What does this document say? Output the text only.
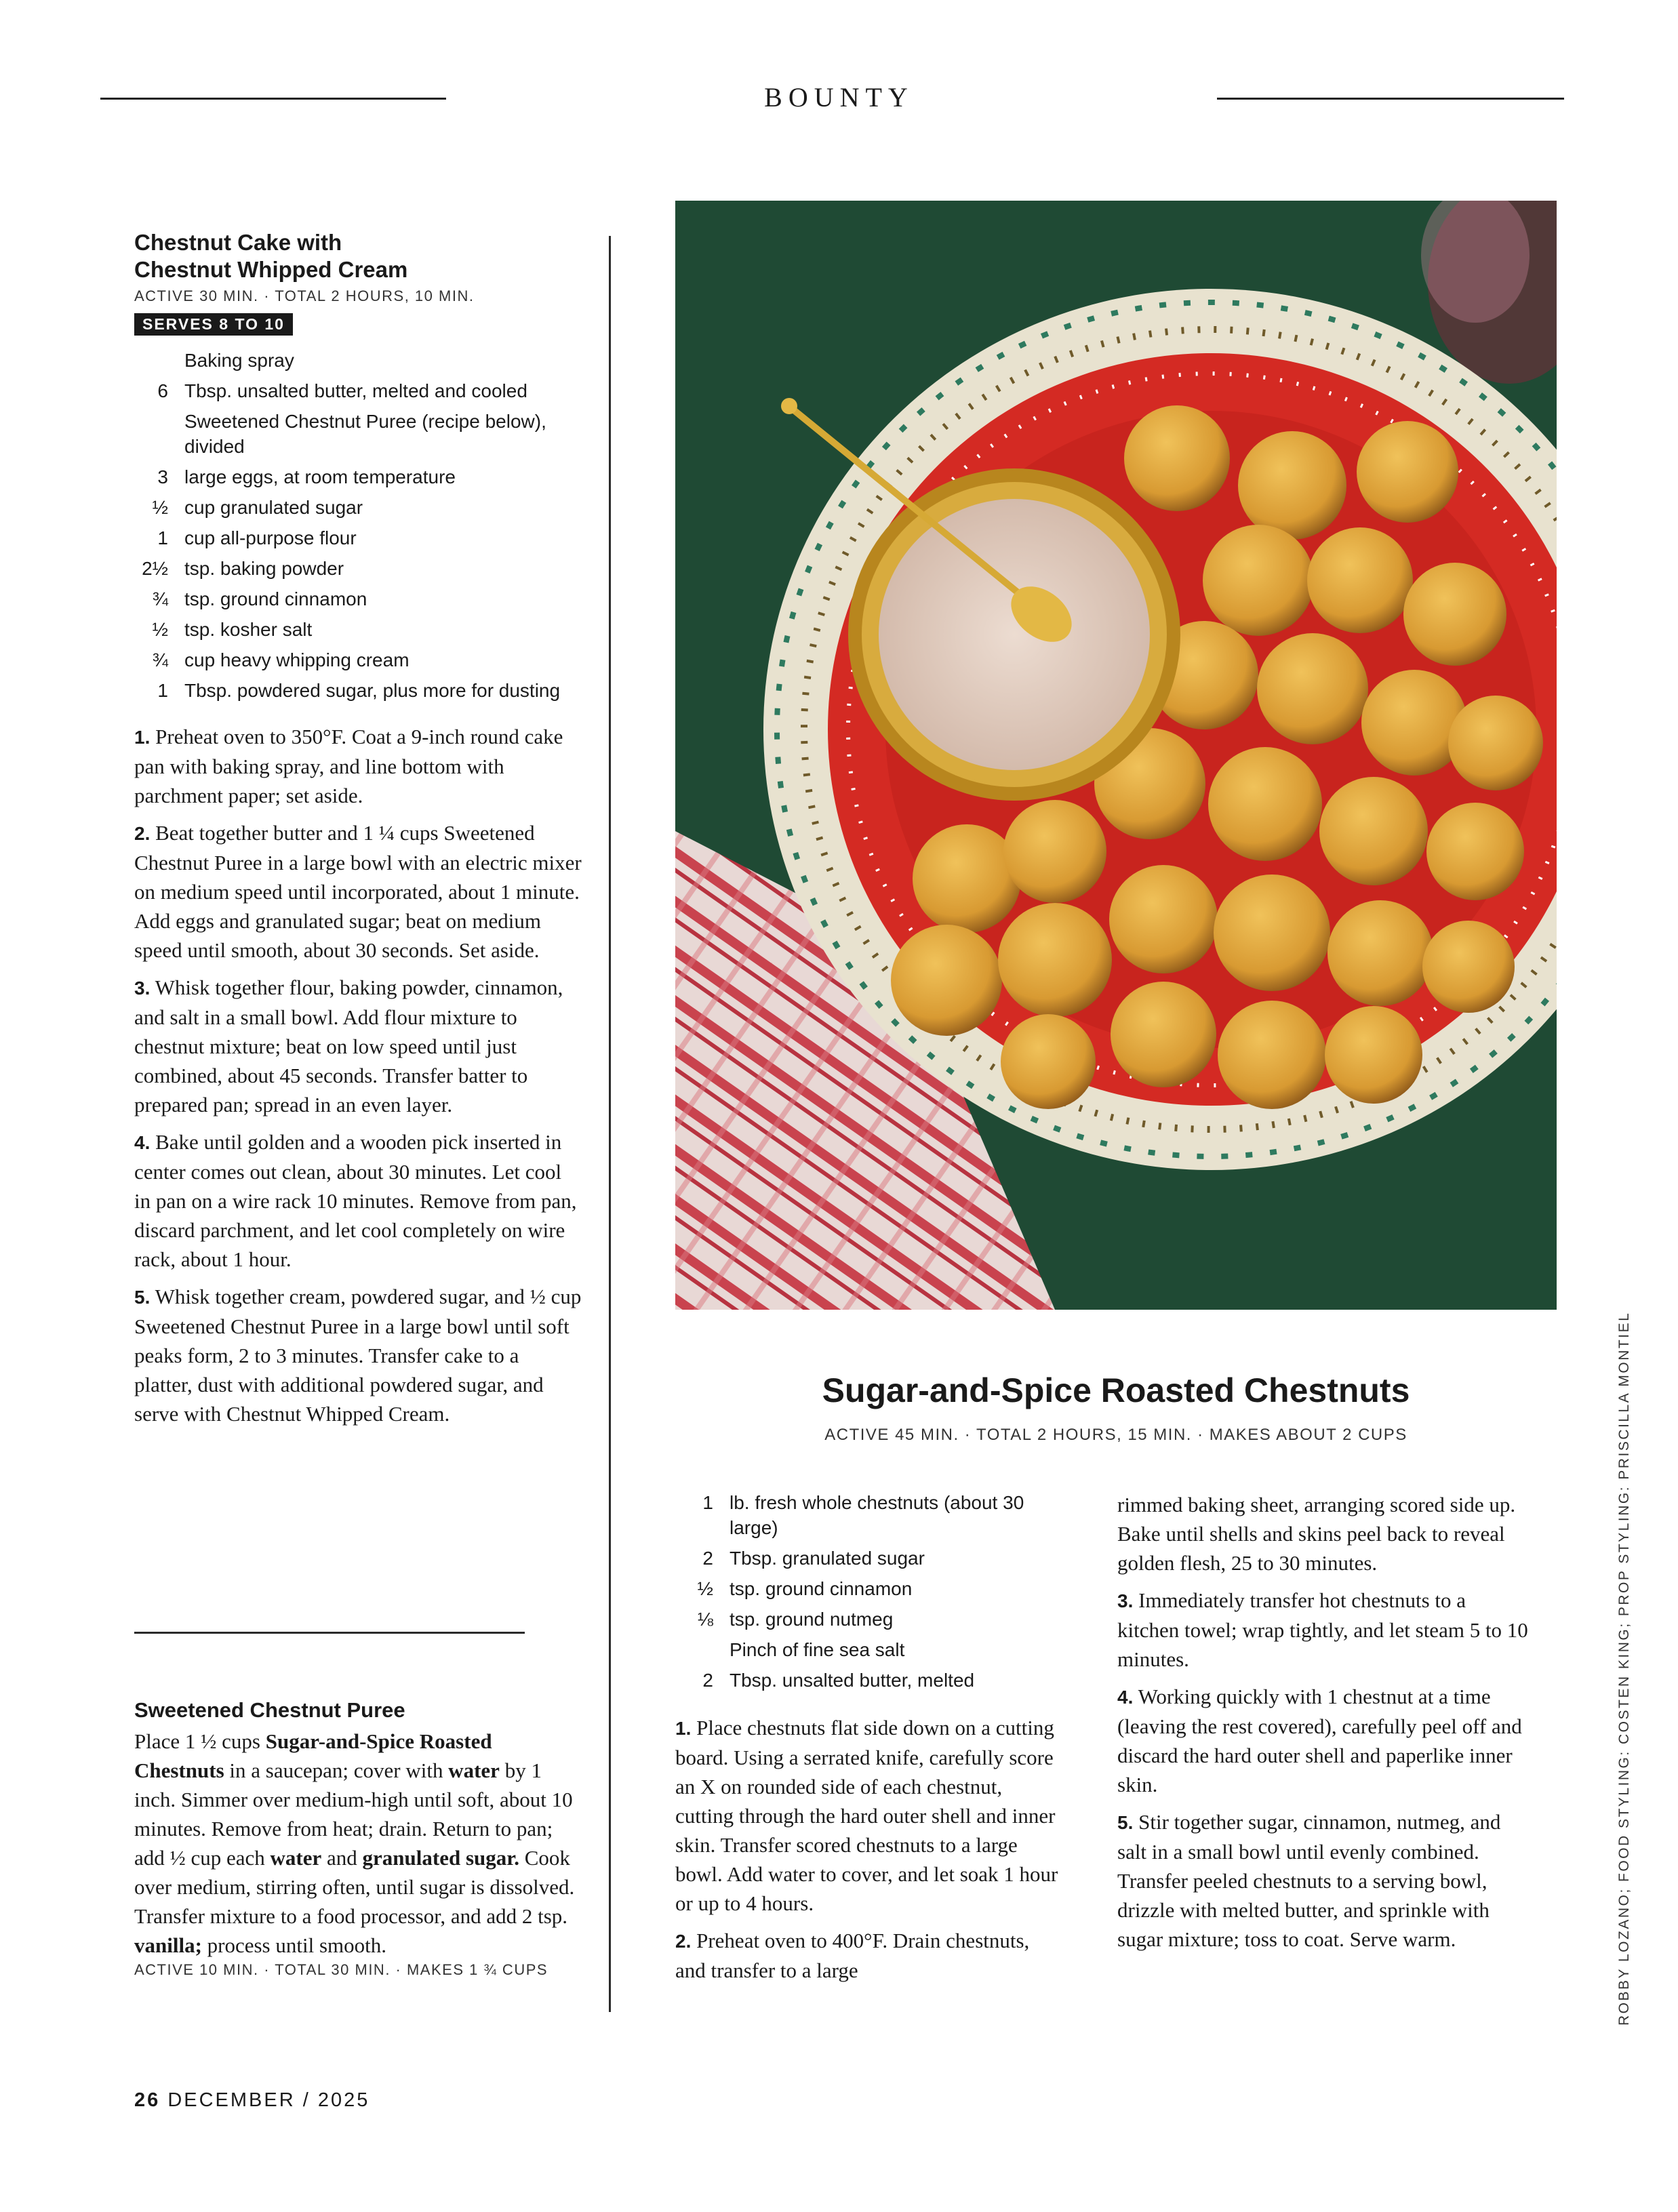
BOUNTY
Chestnut Cake with
Chestnut Whipped Cream
ACTIVE 30 MIN. · TOTAL 2 HOURS, 10 MIN.
SERVES 8 TO 10
Baking spray
6 Tbsp. unsalted butter, melted and cooled
Sweetened Chestnut Puree (recipe below), divided
3 large eggs, at room temperature
½ cup granulated sugar
1 cup all-purpose flour
2½ tsp. baking powder
¾ tsp. ground cinnamon
½ tsp. kosher salt
¾ cup heavy whipping cream
1 Tbsp. powdered sugar, plus more for dusting

1. Preheat oven to 350°F. Coat a 9-inch round cake pan with baking spray, and line bottom with parchment paper; set aside.

2. Beat together butter and 1 ¼ cups Sweetened Chestnut Puree in a large bowl with an electric mixer on medium speed until incorporated, about 1 minute. Add eggs and granulated sugar; beat on medium speed until smooth, about 30 seconds. Set aside.

3. Whisk together flour, baking powder, cinnamon, and salt in a small bowl. Add flour mixture to chestnut mixture; beat on low speed until just combined, about 45 seconds. Transfer batter to prepared pan; spread in an even layer.

4. Bake until golden and a wooden pick inserted in center comes out clean, about 30 minutes. Let cool in pan on a wire rack 10 minutes. Remove from pan, discard parchment, and let cool completely on wire rack, about 1 hour.

5. Whisk together cream, powdered sugar, and ½ cup Sweetened Chestnut Puree in a large bowl until soft peaks form, 2 to 3 minutes. Transfer cake to a platter, dust with additional powdered sugar, and serve with Chestnut Whipped Cream.

Sweetened Chestnut Puree

Place 1 ½ cups Sugar-and-Spice Roasted Chestnuts in a saucepan; cover with water by 1 inch. Simmer over medium-high until soft, about 10 minutes. Remove from heat; drain. Return to pan; add ½ cup each water and granulated sugar. Cook over medium, stirring often, until sugar is dissolved. Transfer mixture to a food processor, and add 2 tsp. vanilla; process until smooth.

ACTIVE 10 MIN. · TOTAL 30 MIN. · MAKES 1 ¾ CUPS
Sugar-and-Spice Roasted Chestnuts
ACTIVE 45 MIN. · TOTAL 2 HOURS, 15 MIN. · MAKES ABOUT 2 CUPS
1 lb. fresh whole chestnuts (about 30 large)
2 Tbsp. granulated sugar
½ tsp. ground cinnamon
⅛ tsp. ground nutmeg
Pinch of fine sea salt
2 Tbsp. unsalted butter, melted

1. Place chestnuts flat side down on a cutting board. Using a serrated knife, carefully score an X on rounded side of each chestnut, cutting through the hard outer shell and inner skin. Transfer scored chestnuts to a large bowl. Add water to cover, and let soak 1 hour or up to 4 hours.

2. Preheat oven to 400°F. Drain chestnuts, and transfer to a large

rimmed baking sheet, arranging scored side up. Bake until shells and skins peel back to reveal golden flesh, 25 to 30 minutes.

3. Immediately transfer hot chestnuts to a kitchen towel; wrap tightly, and let steam 5 to 10 minutes.

4. Working quickly with 1 chestnut at a time (leaving the rest covered), carefully peel off and discard the hard outer shell and paperlike inner skin.

5. Stir together sugar, cinnamon, nutmeg, and salt in a small bowl until evenly combined. Transfer peeled chestnuts to a serving bowl, drizzle with melted butter, and sprinkle with sugar mixture; toss to coat. Serve warm.	ROBBY LOZANO; FOOD STYLING: COSTEN KING; PROP STYLING: PRISCILLA MONTIEL
26 DECEMBER / 2025
